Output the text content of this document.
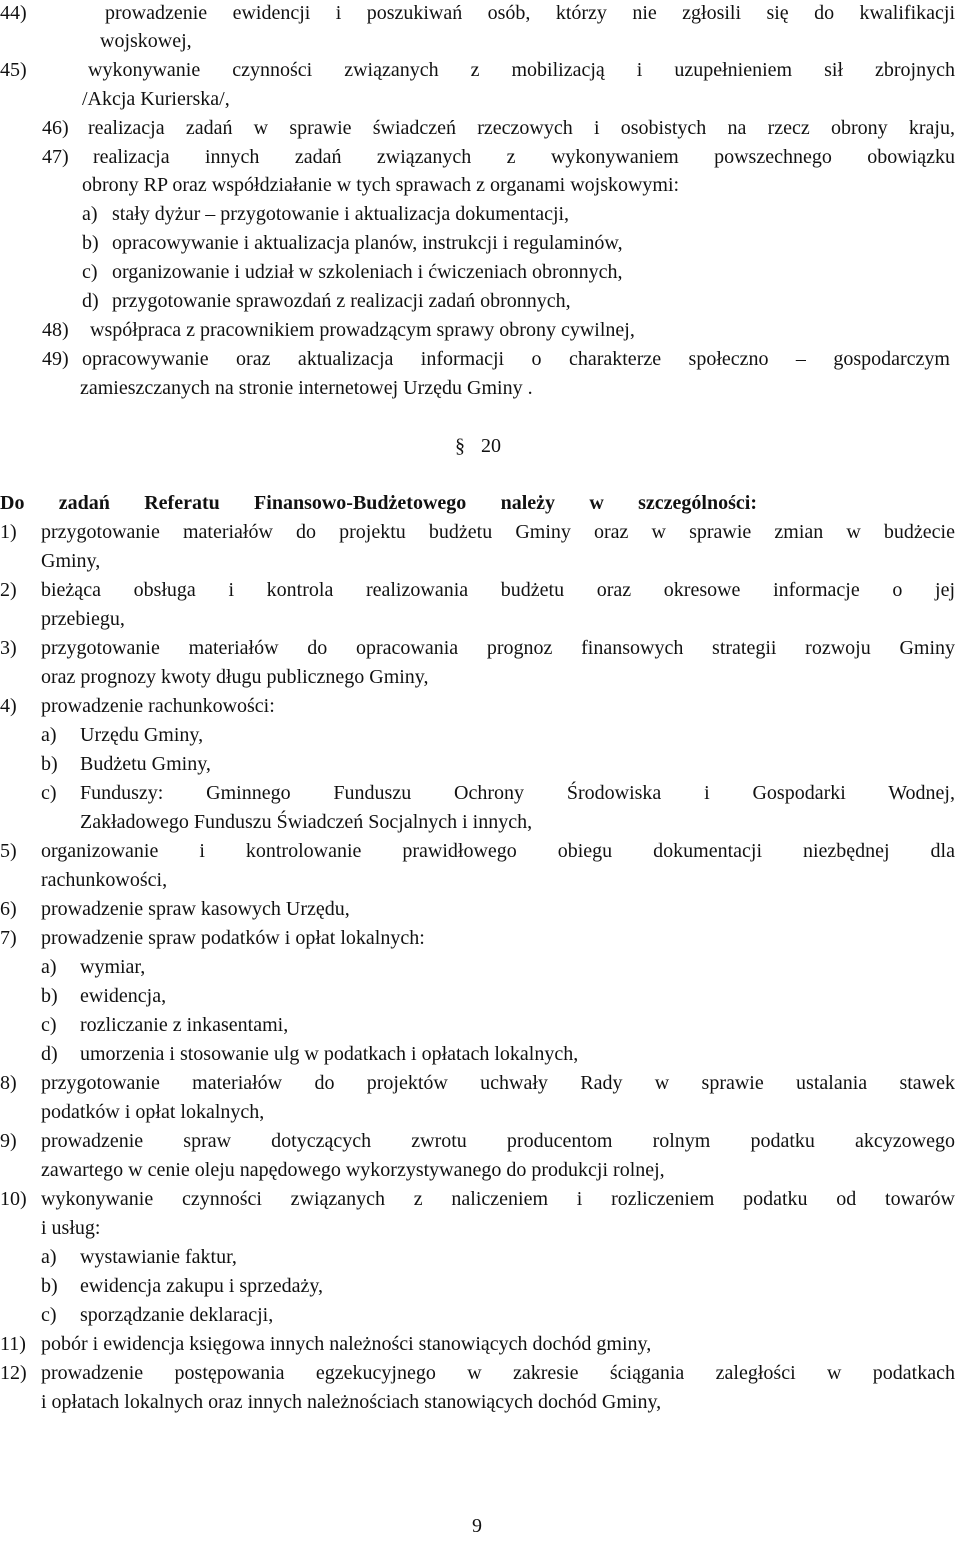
44)	prowadzenie ewidencji i poszukiwań osób, którzy nie zgłosili się do kwalifikacji
wojskowej,
45)	wykonywanie czynności związanych z mobilizacją i uzupełnieniem sił zbrojnych
/Akcja Kurierska/,
46) realizacja zadań w sprawie świadczeń rzeczowych i osobistych na rzecz obrony kraju,
47) realizacja innych zadań związanych z wykonywaniem powszechnego obowiązku
obrony RP oraz współdziałanie w tych sprawach z organami wojskowymi:
a) stały dyżur – przygotowanie i aktualizacja dokumentacji,
b) opracowywanie i aktualizacja planów, instrukcji i regulaminów,
c) organizowanie i udział w szkoleniach i ćwiczeniach obronnych,
d) przygotowanie sprawozdań z realizacji zadań obronnych,
48) współpraca z pracownikiem prowadzącym sprawy obrony cywilnej,
49) opracowywanie oraz aktualizacja informacji o charakterze społeczno – gospodarczym
zamieszczanych na stronie internetowej Urzędu Gminy .
§ 20
Do zadań Referatu Finansowo-Budżetowego należy w szczególności:
1) przygotowanie materiałów do projektu budżetu Gminy oraz w sprawie zmian w budżecie
Gminy,
2) bieżąca obsługa i kontrola realizowania budżetu oraz okresowe informacje o jej
przebiegu,
3) przygotowanie materiałów do opracowania prognoz finansowych strategii rozwoju Gminy
oraz prognozy kwoty długu publicznego Gminy,
4) prowadzenie rachunkowości:
a) Urzędu Gminy,
b) Budżetu Gminy,
c) Funduszy: Gminnego Funduszu Ochrony Środowiska i Gospodarki Wodnej,
Zakładowego Funduszu Świadczeń Socjalnych i innych,
5) organizowanie i kontrolowanie prawidłowego obiegu dokumentacji niezbędnej dla
rachunkowości,
6) prowadzenie spraw kasowych Urzędu,
7) prowadzenie spraw podatków i opłat lokalnych:
a) wymiar,
b) ewidencja,
c) rozliczanie z inkasentami,
d) umorzenia i stosowanie ulg w podatkach i opłatach lokalnych,
8) przygotowanie materiałów do projektów uchwały Rady w sprawie ustalania stawek
podatków i opłat lokalnych,
9) prowadzenie spraw dotyczących zwrotu producentom rolnym podatku akcyzowego
zawartego w cenie oleju napędowego wykorzystywanego do produkcji rolnej,
10) wykonywanie czynności związanych z naliczeniem i rozliczeniem podatku od towarów
i usług:
a) wystawianie faktur,
b) ewidencja zakupu i sprzedaży,
c) sporządzanie deklaracji,
11) pobór i ewidencja księgowa innych należności stanowiących dochód gminy,
12) prowadzenie postępowania egzekucyjnego w zakresie ściągania zaległości w podatkach
i opłatach lokalnych oraz innych należnościach stanowiących dochód Gminy,
9
